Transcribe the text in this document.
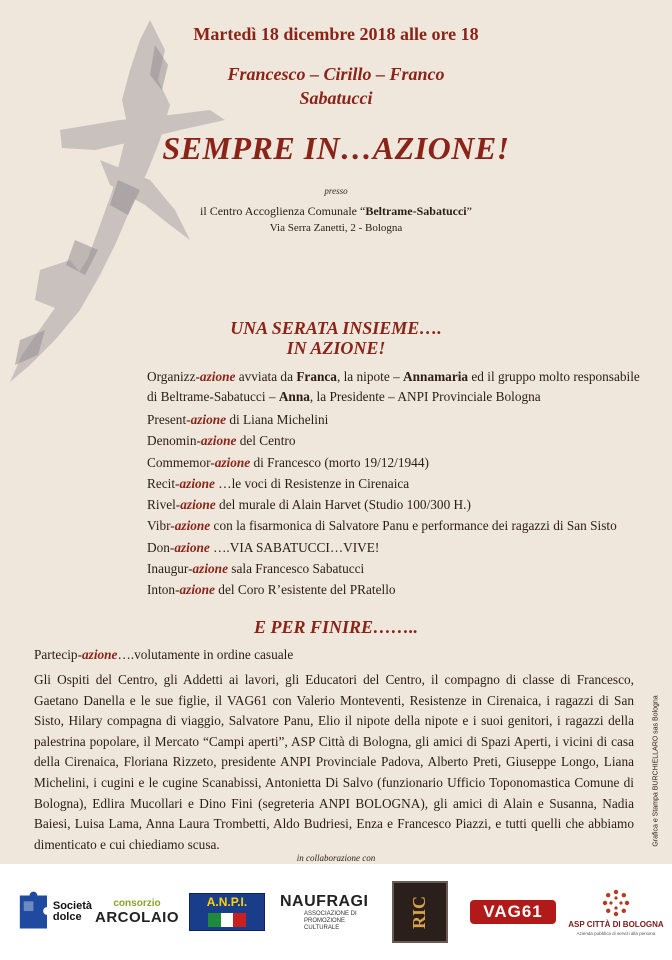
Martedì 18 dicembre 2018 alle ore 18
Francesco – Cirillo – Franco
Sabatucci
SEMPRE IN…AZIONE!
presso
il Centro Accoglienza Comunale “Beltrame-Sabatucci”
Via Serra Zanetti, 2 - Bologna
UNA SERATA INSIEME….
IN AZIONE!
Organizz-azione avviata da Franca, la nipote – Annamaria ed il gruppo molto responsabile di Beltrame-Sabatucci – Anna, la Presidente – ANPI Provinciale Bologna
Present-azione di Liana Michelini
Denomin-azione del Centro
Commemor-azione di Francesco (morto 19/12/1944)
Recit-azione …le voci di Resistenze in Cirenaica
Rivel-azione del murale di Alain Harvet (Studio 100/300 H.)
Vibr-azione con la fisarmonica di Salvatore Panu e performance dei ragazzi di San Sisto
Don-azione ….VIA SABATUCCI…VIVE!
Inaugur-azione sala Francesco Sabatucci
Inton-azione del Coro R’esistente del PRatello
E PER FINIRE……..
Partecip-azione….volutamente in ordine casuale
Gli Ospiti del Centro, gli Addetti ai lavori, gli Educatori del Centro, il compagno di classe di Francesco, Gaetano Danella e le sue figlie, il VAG61 con Valerio Monteventi, Resistenze in Cirenaica, i ragazzi di San Sisto, Hilary compagna di viaggio, Salvatore Panu, Elio il nipote della nipote e i suoi genitori, i ragazzi della palestrina popolare, il Mercato “Campi aperti”, ASP Città di Bologna, gli amici di Spazi Aperti, i vicini di casa della Cirenaica, Floriana Rizzeto, presidente ANPI Provinciale Padova, Alberto Preti, Giuseppe Longo, Liana Michelini, i cugini e le cugine Scanabissi, Antonietta Di Salvo (funzionario Ufficio Toponomastica Comune di Bologna), Edlira Mucollari e Dino Fini (segreteria ANPI BOLOGNA), gli amici di Alain e Susanna, Nadia Baiesi, Luisa Lama, Anna Laura Trombetti, Aldo Budriesi, Enza e Francesco Piazzi, e tutti quelli che abbiamo dimenticato e cui chiediamo scusa.	Grafica e Stampa BURCHIELLARO sas Bologna
in collaborazione con
Società
dolce
consorzio
ARCOLAIO
A.N.P.I.	NAUFRAGI
ASSOCIAZIONE DI PROMOZIONE CULTURALE	RIC	VAG61
ASP CITTÀ DI BOLOGNA
Azienda pubblica di servizi alla persona
